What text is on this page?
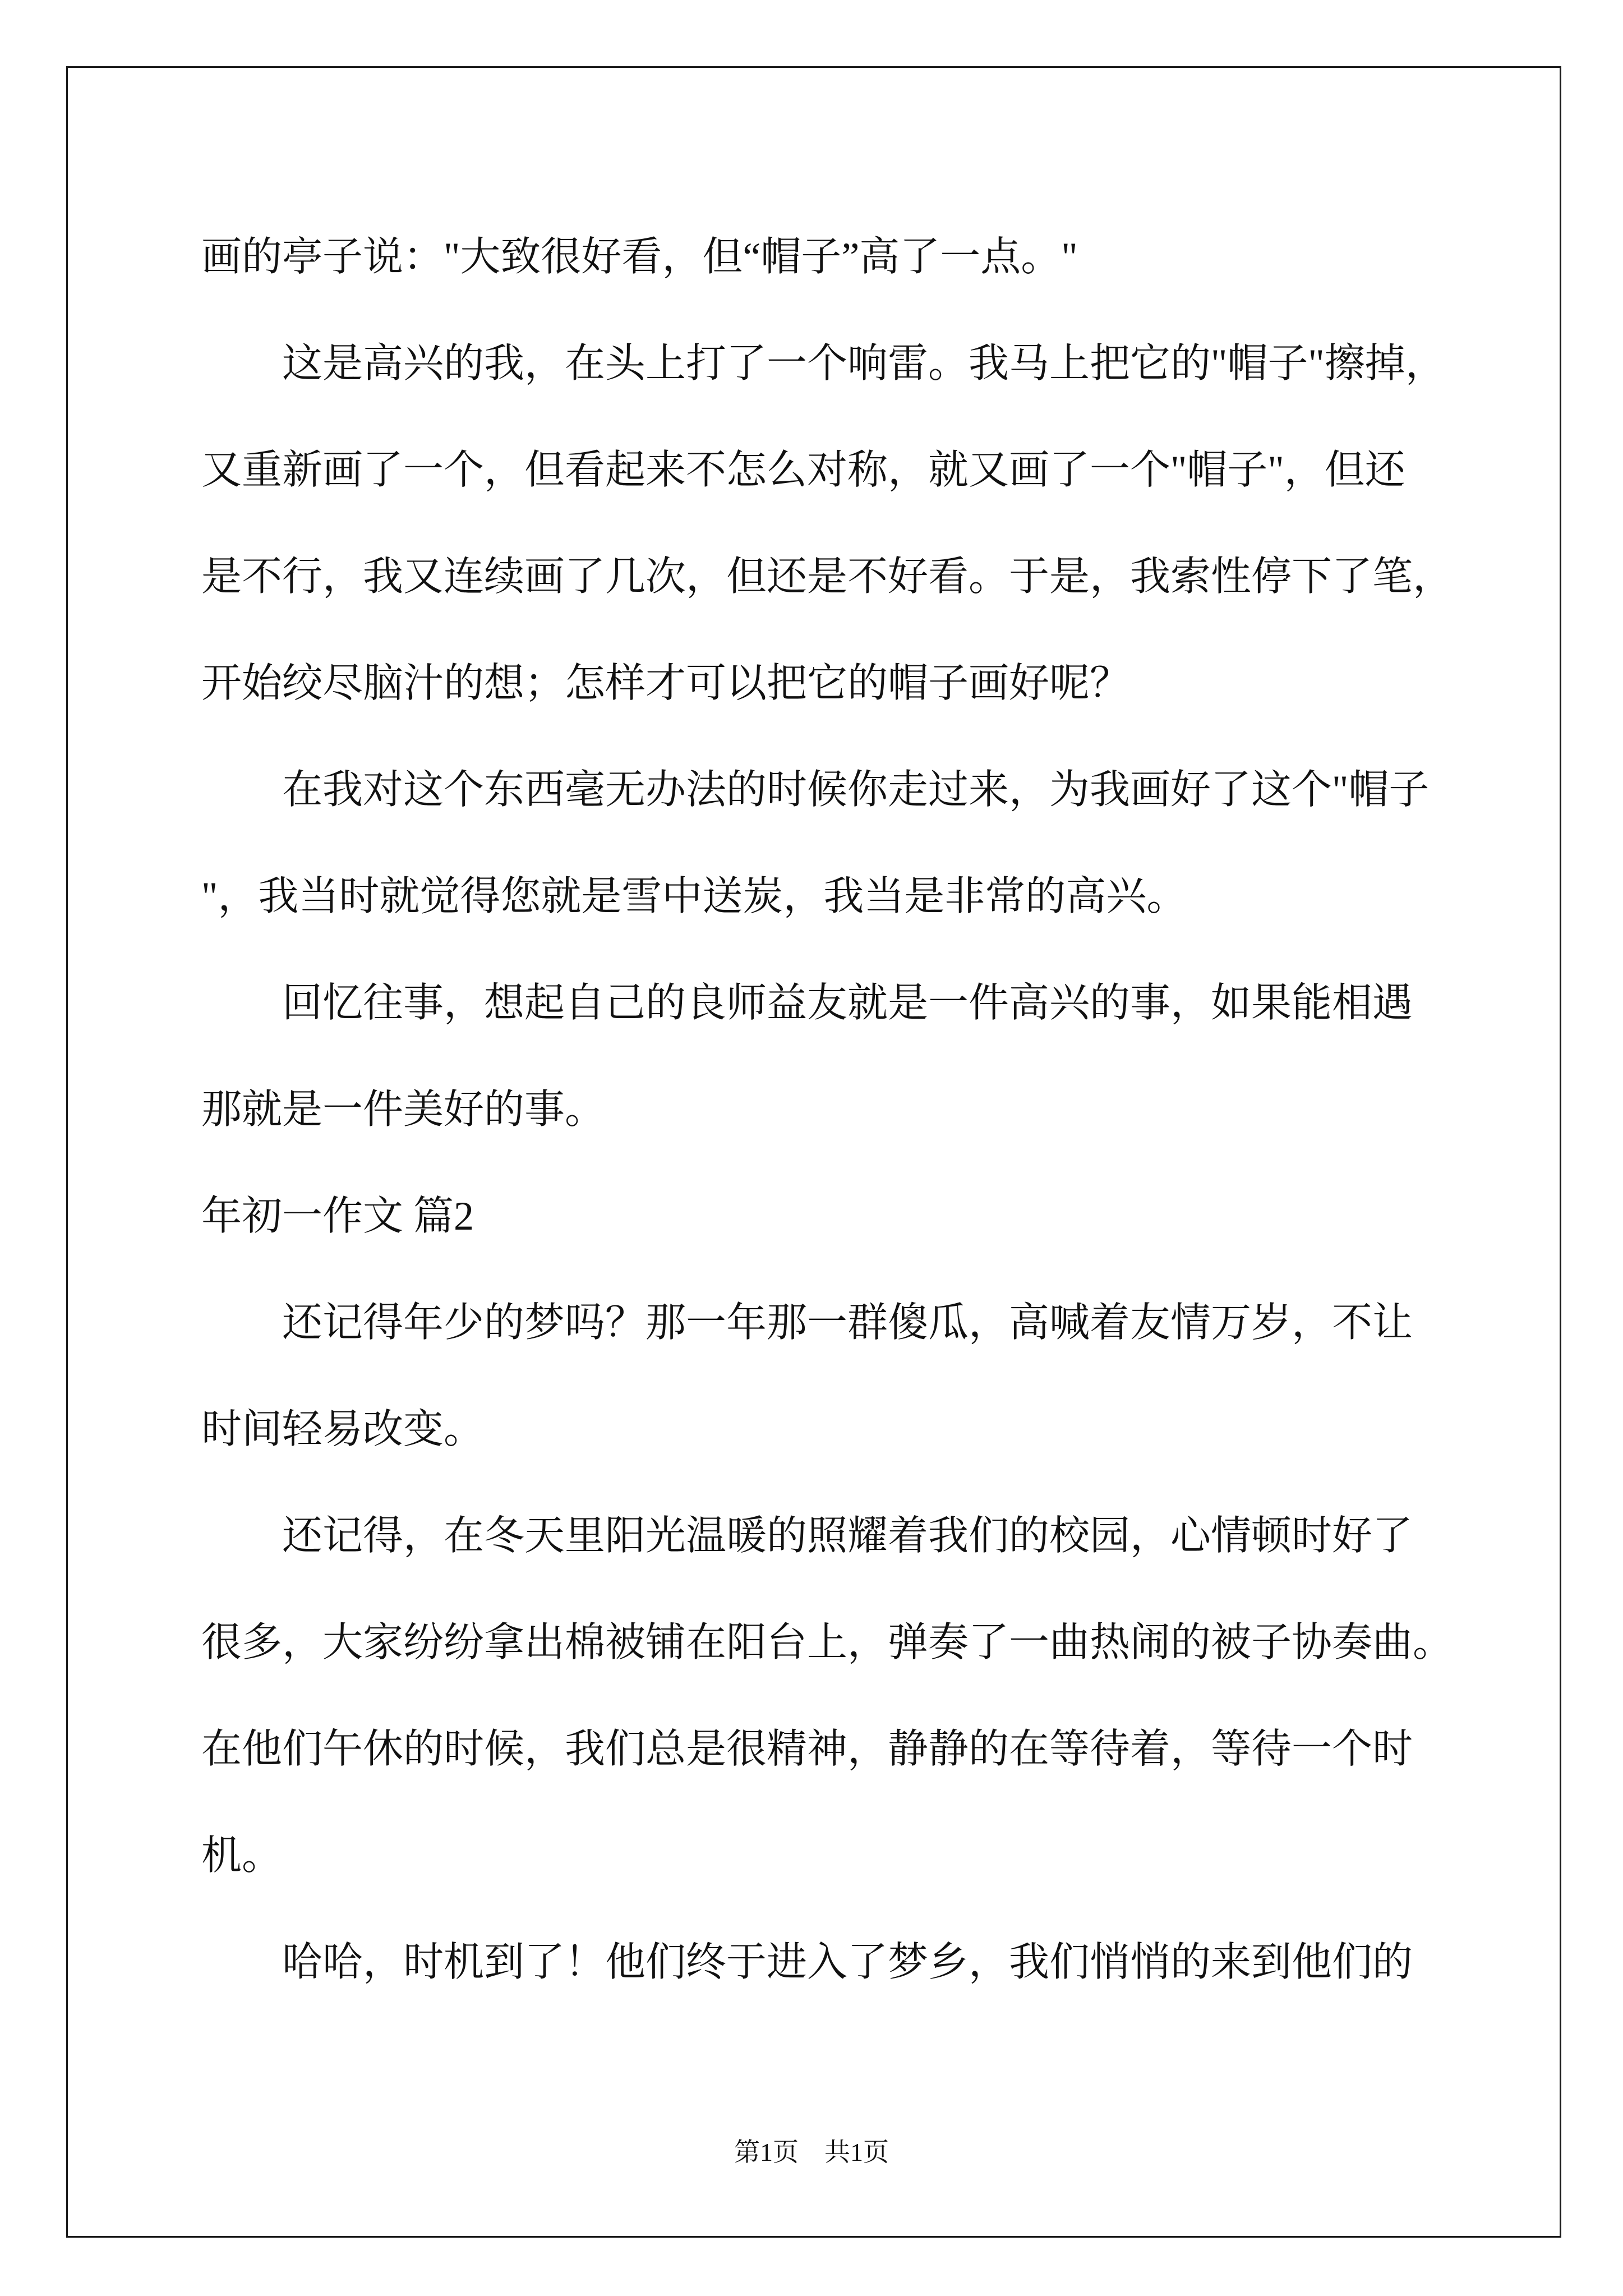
画的亭子说："大致很好看，但“帽子”高了一点。"
这是高兴的我，在头上打了一个响雷。我马上把它的"帽子"擦掉，
又重新画了一个，但看起来不怎么对称，就又画了一个"帽子"，但还
是不行，我又连续画了几次，但还是不好看。于是，我索性停下了笔，
开始绞尽脑汁的想；怎样才可以把它的帽子画好呢？
在我对这个东西毫无办法的时候你走过来，为我画好了这个"帽子
"，我当时就觉得您就是雪中送炭，我当是非常的高兴。
回忆往事，想起自己的良师益友就是一件高兴的事，如果能相遇
那就是一件美好的事。
年初一作文 篇2
还记得年少的梦吗？那一年那一群傻瓜，高喊着友情万岁，不让
时间轻易改变。
还记得，在冬天里阳光温暖的照耀着我们的校园，心情顿时好了
很多，大家纷纷拿出棉被铺在阳台上，弹奏了一曲热闹的被子协奏曲。
在他们午休的时候，我们总是很精神，静静的在等待着，等待一个时
机。
哈哈，时机到了！他们终于进入了梦乡，我们悄悄的来到他们的
第1页　共1页
